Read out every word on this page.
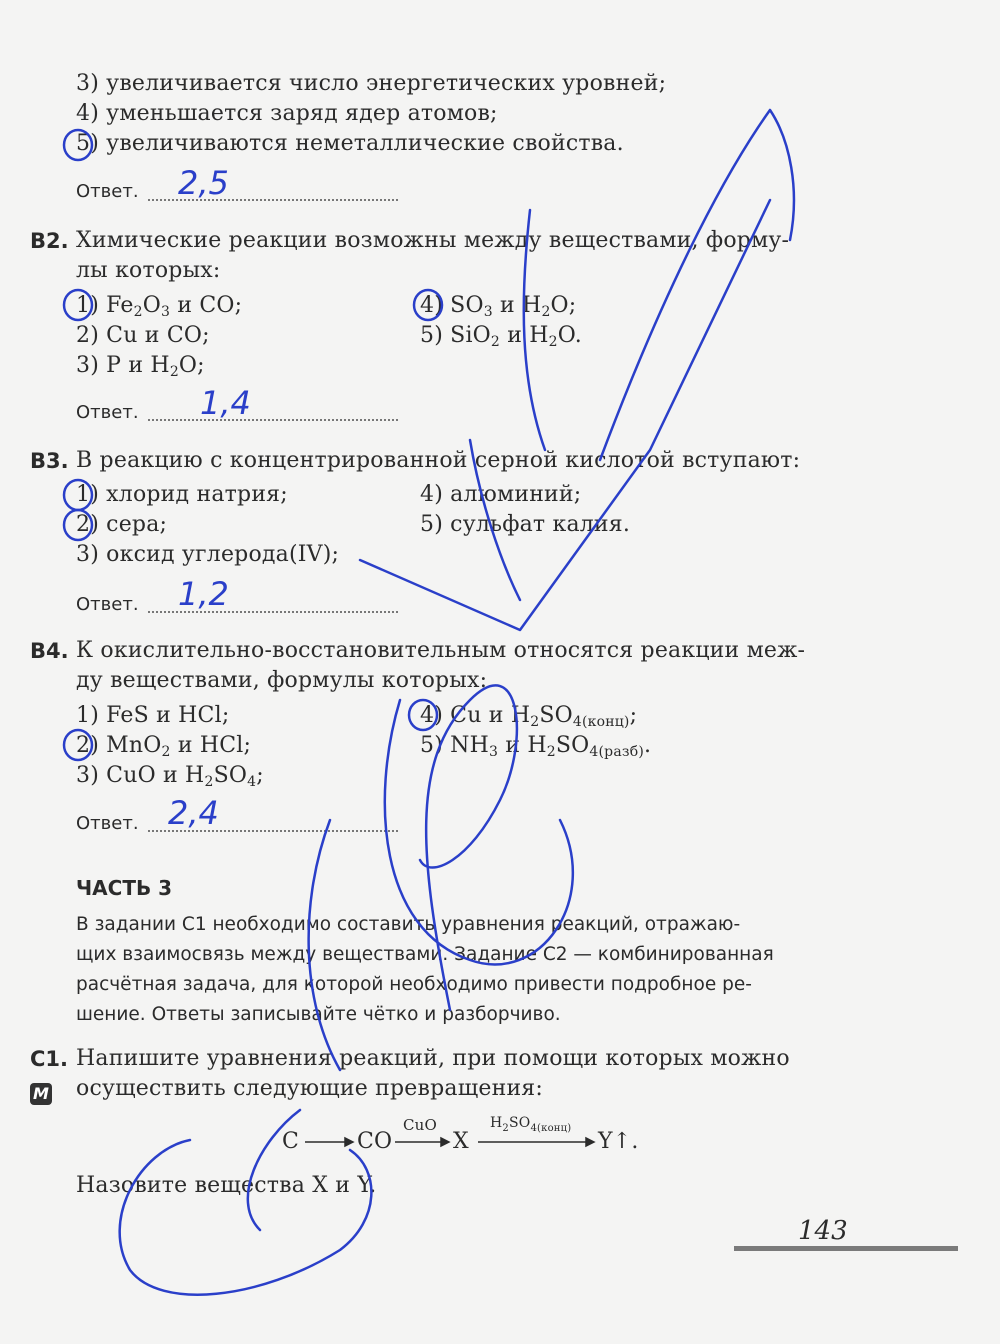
3) увеличивается число энергетических уровней;
4) уменьшается заряд ядер атомов;
5) увеличиваются неметаллические свойства.
Ответ. 2,5
В2. Химические реакции возможны между веществами, форму-
лы которых:
1) $Fe_2O_3$ и CO;
2) Cu и CO;
3) P и $H_2O$;
4) $SO_3$ и $H_2O$;
5) SiO$_2$ и $H_2O$.
Ответ. 1,4
В3. В реакцию с концентрированной серной кислотой вступают:
1) хлорид натрия;
2) сера;
3) оксид углерода(IV);
4) алюминий;
5) сульфат калия.
Ответ. 1,2
В4. К окислительно-восстановительным относятся реакции меж-
ду веществами, формулы которых:
1) FeS и HCl;
2) MnO$_2$ и HCl;
3) CuO и $H_2SO_4$;
4) Cu и $H_2SO_{4(конц)}$;
5) $NH_3$ и $H_2SO_{4(разб)}$.
Ответ. 2,4
ЧАСТЬ 3
В задании С1 необходимо составить уравнения реакций, отражаю-
щих взаимосвязь между веществами. Задание С2 — комбинированная
расчётная задача, для которой необходимо привести подробное ре-
шение. Ответы записывайте чётко и разборчиво.
С1.
M
Напишите уравнения реакций, при помощи которых можно
осуществить следующие превращения:
C	CO
CuO
X
$H_2SO_{4(конц)}$
Y↑.
Назовите вещества X и Y.
143
